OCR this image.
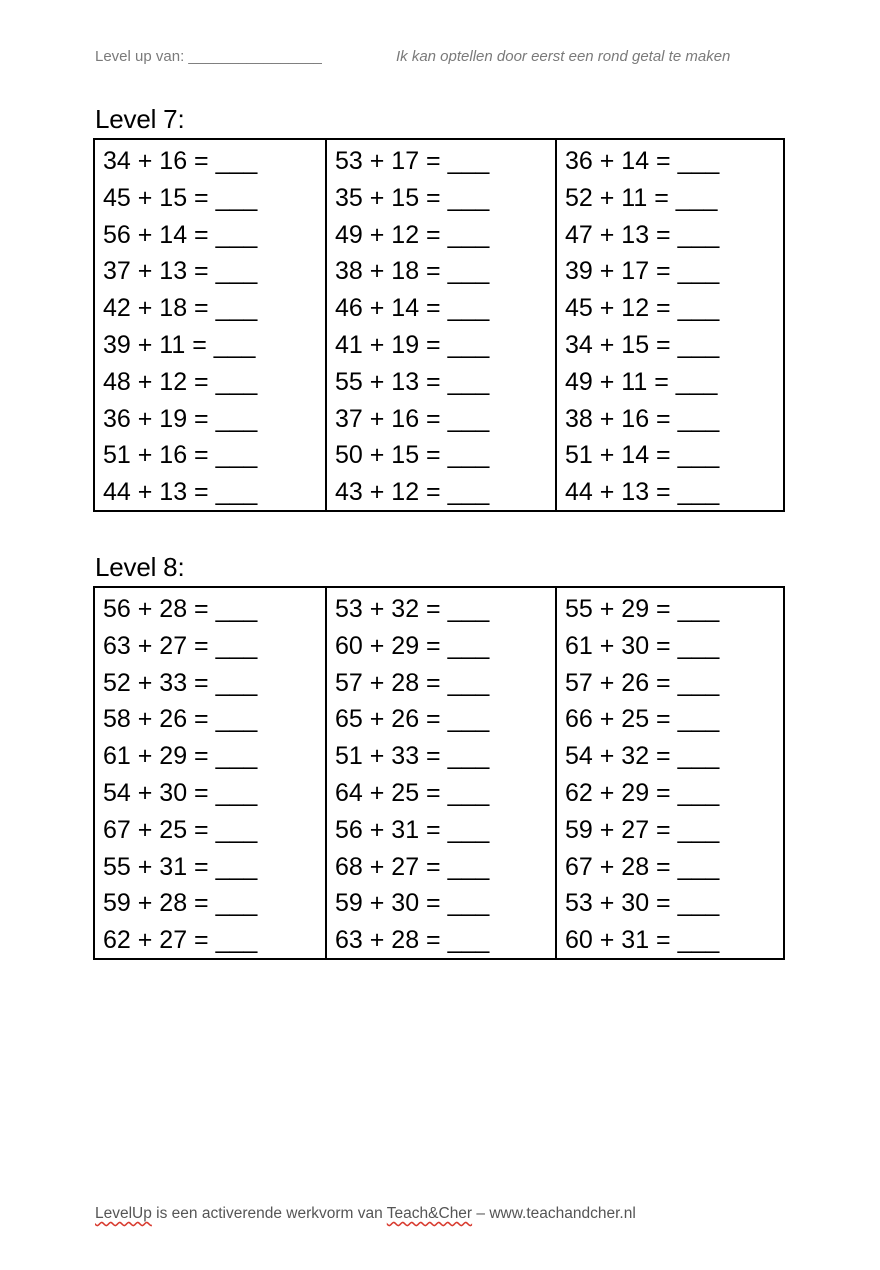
Level up van: ________________	Ik kan optellen door eerst een rond getal te maken
Level 7:
34 + 16 = ___
45 + 15 = ___
56 + 14 = ___
37 + 13 = ___
42 + 18 = ___
39 + 11 = ___
48 + 12 = ___
36 + 19 = ___
51 + 16 = ___
44 + 13 = ___
53 + 17 = ___
35 + 15 = ___
49 + 12 = ___
38 + 18 = ___
46 + 14 = ___
41 + 19 = ___
55 + 13 = ___
37 + 16 = ___
50 + 15 = ___
43 + 12 = ___
36 + 14 = ___
52 + 11 = ___
47 + 13 = ___
39 + 17 = ___
45 + 12 = ___
34 + 15 = ___
49 + 11 = ___
38 + 16 = ___
51 + 14 = ___
44 + 13 = ___
Level 8:
56 + 28 = ___
63 + 27 = ___
52 + 33 = ___
58 + 26 = ___
61 + 29 = ___
54 + 30 = ___
67 + 25 = ___
55 + 31 = ___
59 + 28 = ___
62 + 27 = ___
53 + 32 = ___
60 + 29 = ___
57 + 28 = ___
65 + 26 = ___
51 + 33 = ___
64 + 25 = ___
56 + 31 = ___
68 + 27 = ___
59 + 30 = ___
63 + 28 = ___
55 + 29 = ___
61 + 30 = ___
57 + 26 = ___
66 + 25 = ___
54 + 32 = ___
62 + 29 = ___
59 + 27 = ___
67 + 28 = ___
53 + 30 = ___
60 + 31 = ___
LevelUp is een activerende werkvorm van Teach&Cher – www.teachandcher.nl
